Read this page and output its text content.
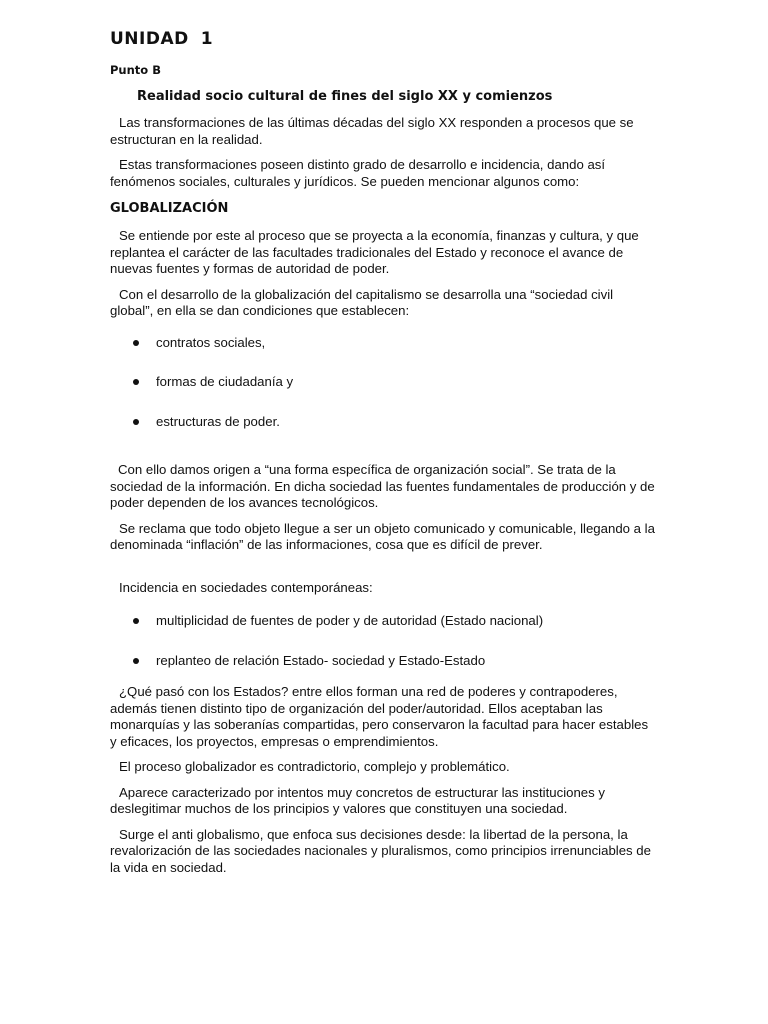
UNIDAD 1

Punto B

Realidad socio cultural de fines del siglo XX y comienzos

Las transformaciones de las últimas décadas del siglo XX responden a procesos que se estructuran en la realidad.

Estas transformaciones poseen distinto grado de desarrollo e incidencia, dando así fenómenos sociales, culturales y jurídicos. Se pueden mencionar algunos como:

GLOBALIZACIÓN

Se entiende por este al proceso que se proyecta a la economía, finanzas y cultura, y que replantea el carácter de las facultades tradicionales del Estado y reconoce el avance de nuevas fuentes y formas de autoridad de poder.

Con el desarrollo de la globalización del capitalismo se desarrolla una “sociedad civil global”, en ella se dan condiciones que establecen:

contratos sociales,
formas de ciudadanía y
estructuras de poder.

Con ello damos origen a “una forma específica de organización social”. Se trata de la sociedad de la información. En dicha sociedad las fuentes fundamentales de producción y de poder dependen de los avances tecnológicos.

Se reclama que todo objeto llegue a ser un objeto comunicado y comunicable, llegando a la denominada “inflación” de las informaciones, cosa que es difícil de prever.

Incidencia en sociedades contemporáneas:

multiplicidad de fuentes de poder y de autoridad (Estado nacional)
replanteo de relación Estado- sociedad y Estado-Estado

¿Qué pasó con los Estados? entre ellos forman una red de poderes y contrapoderes, además tienen distinto tipo de organización del poder/autoridad. Ellos aceptaban las monarquías y las soberanías compartidas, pero conservaron la facultad para hacer estables y eficaces, los proyectos, empresas o emprendimientos.

El proceso globalizador es contradictorio, complejo y problemático.

Aparece caracterizado por intentos muy concretos de estructurar las instituciones y deslegitimar muchos de los principios y valores que constituyen una sociedad.

Surge el anti globalismo, que enfoca sus decisiones desde: la libertad de la persona, la revalorización de las sociedades nacionales y pluralismos, como principios irrenunciables de la vida en sociedad.
